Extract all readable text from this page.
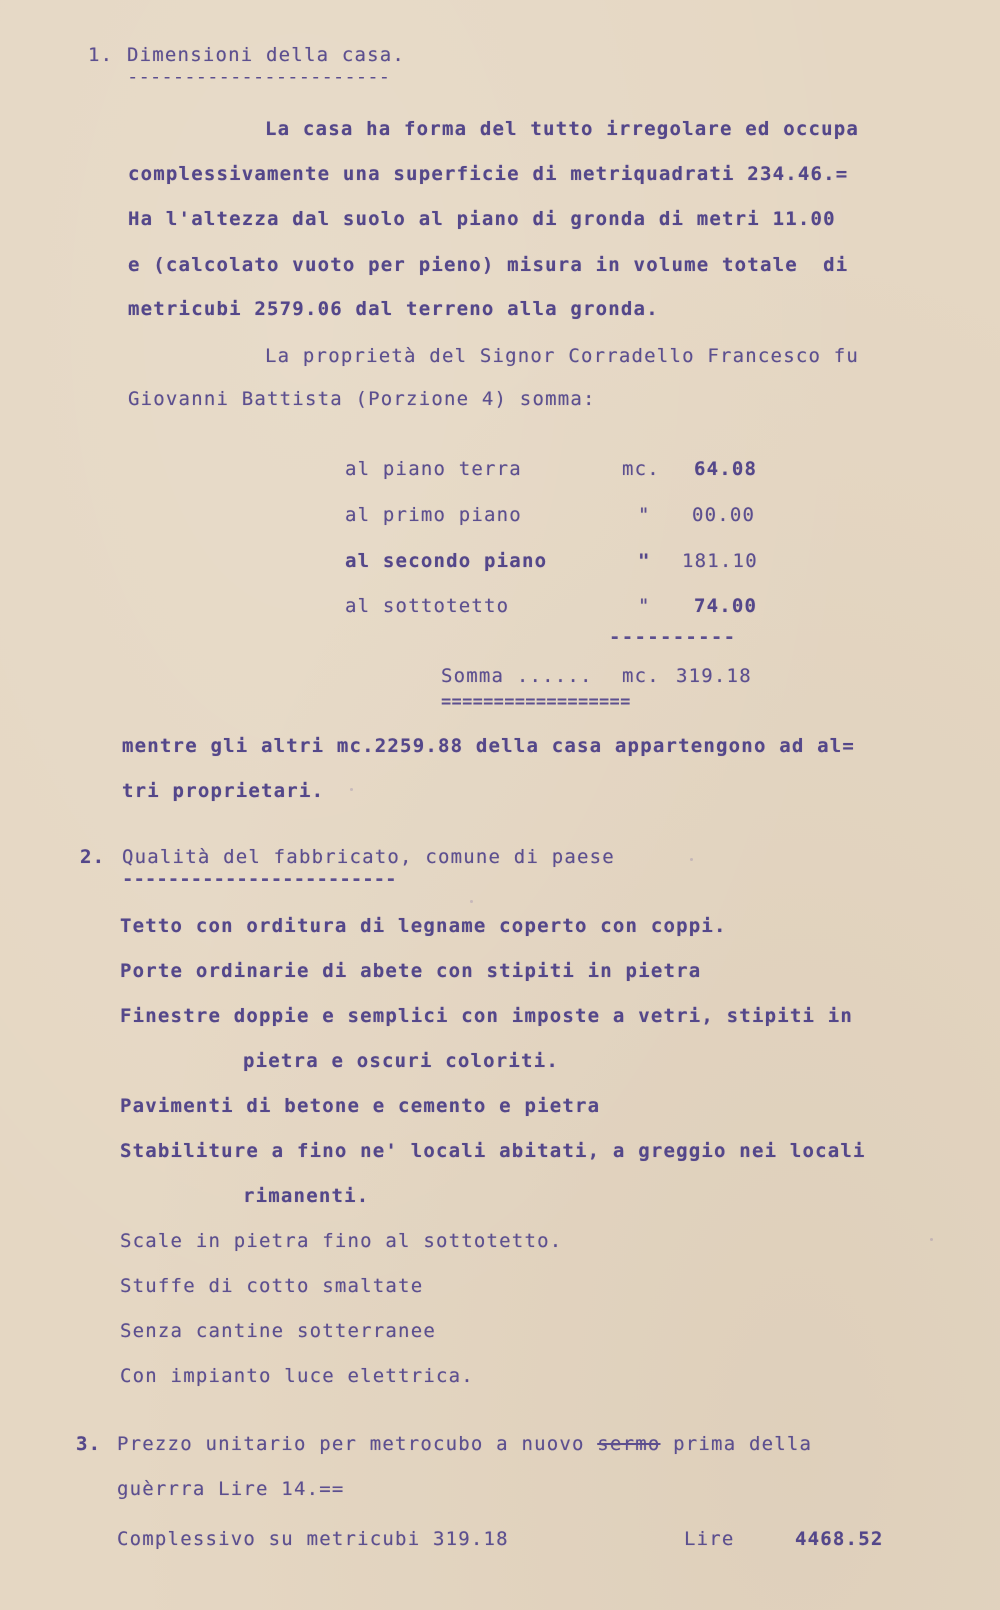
1. Dimensioni della casa.
-----------------------
La casa ha forma del tutto irregolare ed occupa
complessivamente una superficie di metriquadrati 234.46.=
Ha l'altezza dal suolo al piano di gronda di metri 11.00
e (calcolato vuoto per pieno) misura in volume totale  di
metricubi 2579.06 dal terreno alla gronda.
La proprietà del Signor Corradello Francesco fu
Giovanni Battista (Porzione 4) somma:
al piano terra	mc. 64.08
al primo piano	" 00.00
al secondo piano	" 181.10
al sottotetto	" 74.00
----------
Somma ...... mc. 319.18
==================
mentre gli altri mc.2259.88 della casa appartengono ad al=
tri proprietari.
2. Qualità del fabbricato, comune di paese
------------------------
Tetto con orditura di legname coperto con coppi.
Porte ordinarie di abete con stipiti in pietra
Finestre doppie e semplici con imposte a vetri, stipiti in
pietra e oscuri coloriti.
Pavimenti di betone e cemento e pietra
Stabiliture a fino ne' locali abitati, a greggio nei locali
rimanenti.
Scale in pietra fino al sottotetto.
Stuffe di cotto smaltate
Senza cantine sotterranee
Con impianto luce elettrica.
3. Prezzo unitario per metrocubo a nuovo sermo prima della
guèrrra Lire 14.==
Complessivo su metricubi 319.18	Lire	4468.52
